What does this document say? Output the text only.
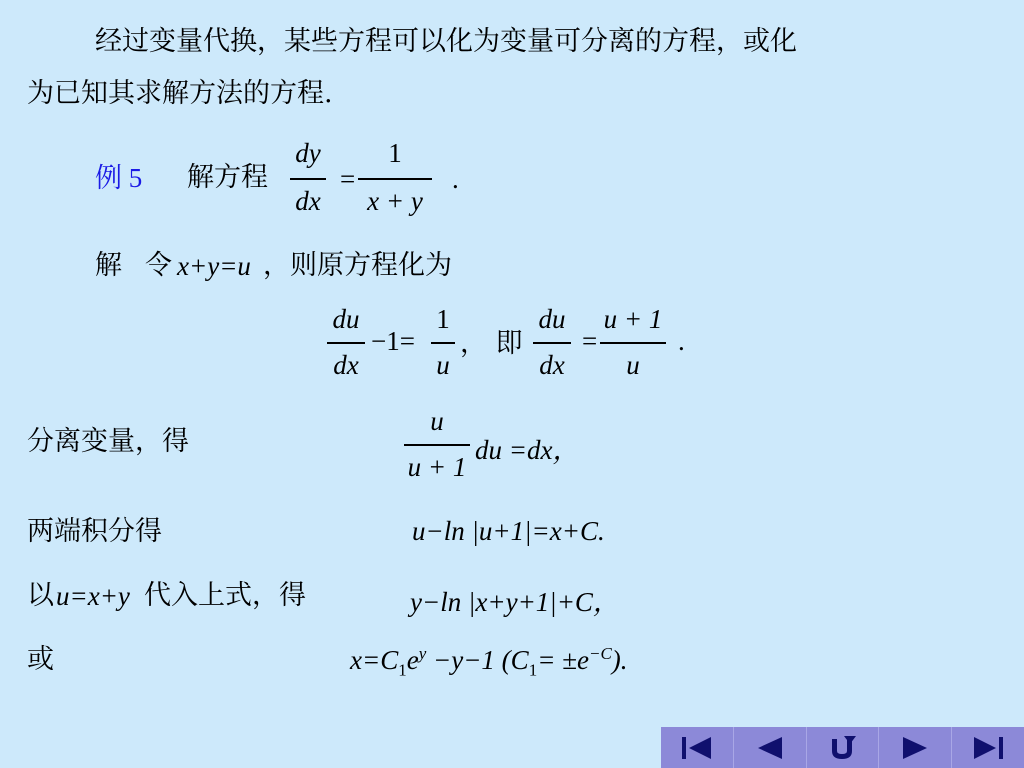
经过变量代换，某些方程可以化为变量可分离的方程，或化
为已知其求解方法的方程.
例 5 解方程
dy
dx
=
1
x + y
.
解 令 x+y=u ，则原方程化为
du
dx
−1=
1
u
， 即
du
dx
=
u + 1
u
.
分离变量，得
u
u + 1
du =dx，
两端积分得	u−ln |u+1|=x+C.
以 u=x+y 代入上式，得	y−ln |x+y+1|+C，
或	$x=C_1e^y -y-1$ $(C_1= \pm e^{-C})$.
